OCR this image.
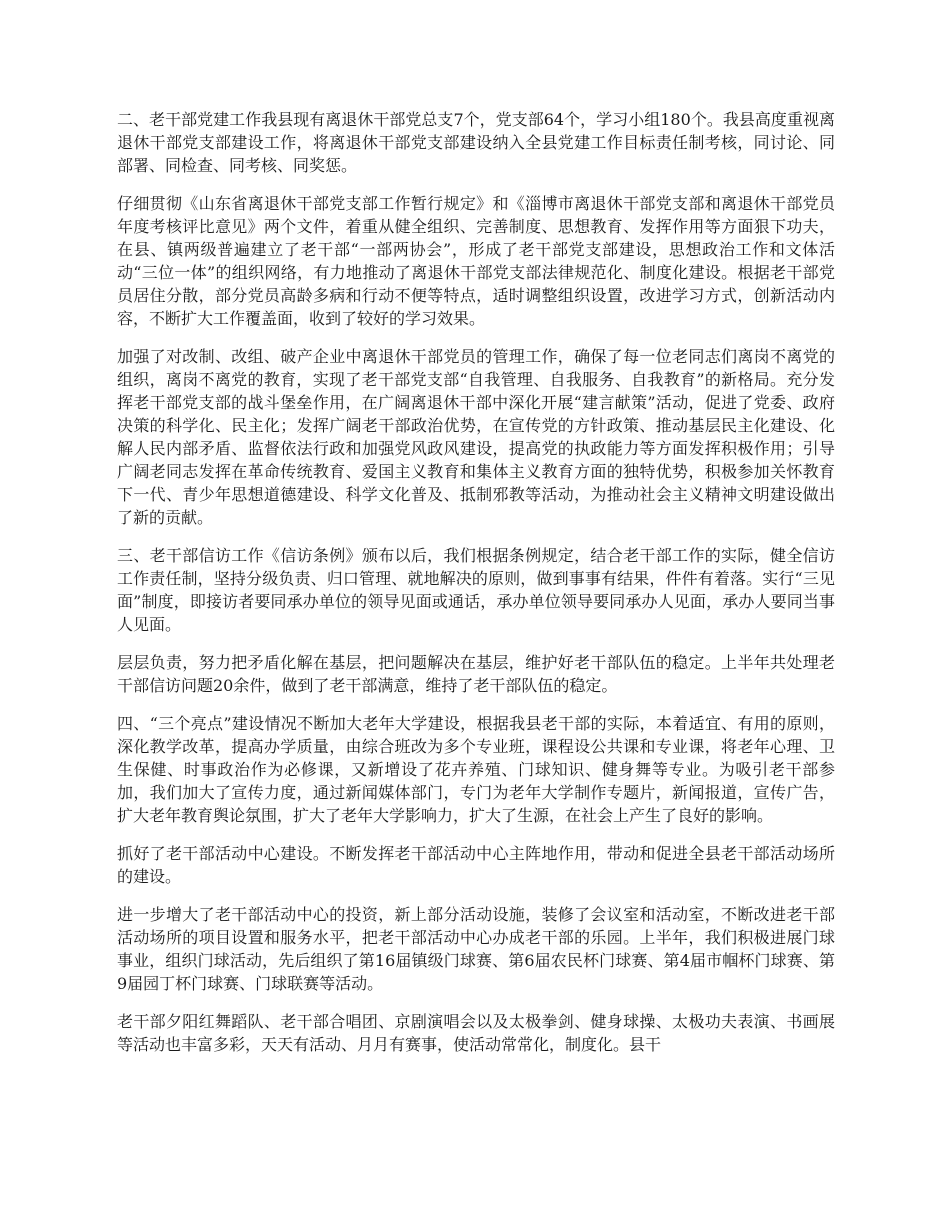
二、老干部党建工作我县现有离退休干部党总支7个，党支部64个，学习小组180个。我县高度重视离退休干部党支部建设工作，将离退休干部党支部建设纳入全县党建工作目标责任制考核，同讨论、同部署、同检查、同考核、同奖惩。

仔细贯彻《山东省离退休干部党支部工作暂行规定》和《淄博市离退休干部党支部和离退休干部党员年度考核评比意见》两个文件，着重从健全组织、完善制度、思想教育、发挥作用等方面狠下功夫，在县、镇两级普遍建立了老干部“一部两协会”，形成了老干部党支部建设，思想政治工作和文体活动“三位一体”的组织网络，有力地推动了离退休干部党支部法律规范化、制度化建设。根据老干部党员居住分散，部分党员高龄多病和行动不便等特点，适时调整组织设置，改进学习方式，创新活动内容，不断扩大工作覆盖面，收到了较好的学习效果。

加强了对改制、改组、破产企业中离退休干部党员的管理工作，确保了每一位老同志们离岗不离党的组织，离岗不离党的教育，实现了老干部党支部“自我管理、自我服务、自我教育”的新格局。充分发挥老干部党支部的战斗堡垒作用，在广阔离退休干部中深化开展“建言献策”活动，促进了党委、政府决策的科学化、民主化；发挥广阔老干部政治优势，在宣传党的方针政策、推动基层民主化建设、化解人民内部矛盾、监督依法行政和加强党风政风建设，提高党的执政能力等方面发挥积极作用；引导广阔老同志发挥在革命传统教育、爱国主义教育和集体主义教育方面的独特优势，积极参加关怀教育下一代、青少年思想道德建设、科学文化普及、抵制邪教等活动，为推动社会主义精神文明建设做出了新的贡献。

三、老干部信访工作《信访条例》颁布以后，我们根据条例规定，结合老干部工作的实际，健全信访工作责任制，坚持分级负责、归口管理、就地解决的原则，做到事事有结果，件件有着落。实行“三见面”制度，即接访者要同承办单位的领导见面或通话，承办单位领导要同承办人见面，承办人要同当事人见面。

层层负责，努力把矛盾化解在基层，把问题解决在基层，维护好老干部队伍的稳定。上半年共处理老干部信访问题20余件，做到了老干部满意，维持了老干部队伍的稳定。

四、“三个亮点”建设情况不断加大老年大学建设，根据我县老干部的实际，本着适宜、有用的原则，深化教学改革，提高办学质量，由综合班改为多个专业班，课程设公共课和专业课，将老年心理、卫生保健、时事政治作为必修课，又新增设了花卉养殖、门球知识、健身舞等专业。为吸引老干部参加，我们加大了宣传力度，通过新闻媒体部门，专门为老年大学制作专题片，新闻报道，宣传广告，扩大老年教育舆论氛围，扩大了老年大学影响力，扩大了生源，在社会上产生了良好的影响。

抓好了老干部活动中心建设。不断发挥老干部活动中心主阵地作用，带动和促进全县老干部活动场所的建设。

进一步增大了老干部活动中心的投资，新上部分活动设施，装修了会议室和活动室，不断改进老干部活动场所的项目设置和服务水平，把老干部活动中心办成老干部的乐园。上半年，我们积极进展门球事业，组织门球活动，先后组织了第16届镇级门球赛、第6届农民杯门球赛、第4届市帼杯门球赛、第9届园丁杯门球赛、门球联赛等活动。

老干部夕阳红舞蹈队、老干部合唱团、京剧演唱会以及太极拳剑、健身球操、太极功夫表演、书画展等活动也丰富多彩，天天有活动、月月有赛事，使活动常常化，制度化。县干
